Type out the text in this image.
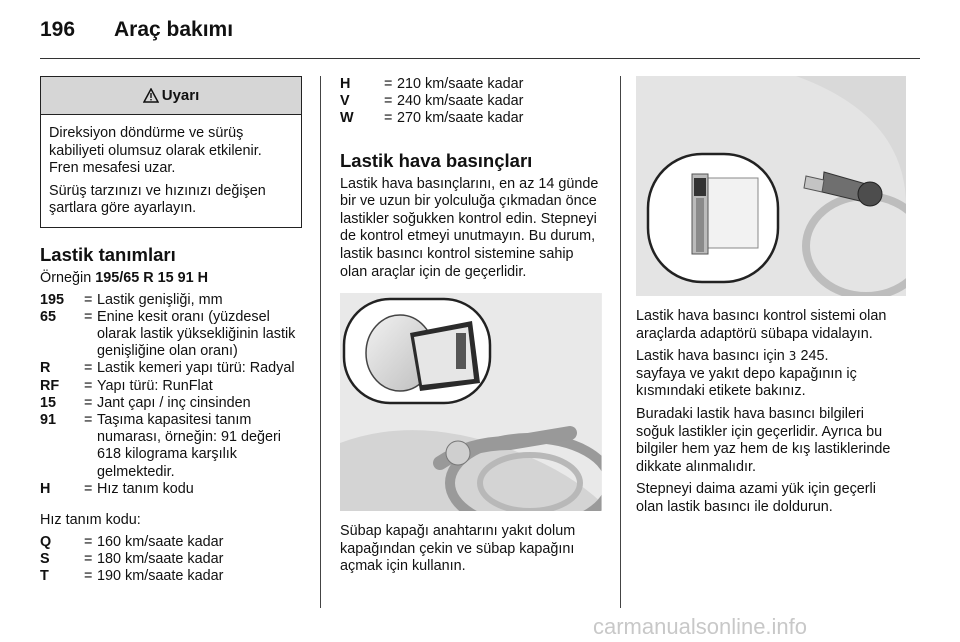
196	Araç bakımı
Uyarı

Direksiyon döndürme ve sürüş kabiliyeti olumsuz olarak etkilenir. Fren mesafesi uzar.

Sürüş tarzınızı ve hızınızı değişen şartlara göre ayarlayın.

Lastik tanımları
Örneğin 195/65 R 15 91 H
195	= Lastik genişliği, mm
65	= Enine kesit oranı (yüzdesel olarak lastik yüksekliğinin lastik genişliğine olan oranı)
R	= Lastik kemeri yapı türü: Radyal
RF	= Yapı türü: RunFlat
15	= Jant çapı / inç cinsinden
91	= Taşıma kapasitesi tanım numarası, örneğin: 91 değeri 618 kilograma karşılık gelmektedir.
H	= Hız tanım kodu

Hız tanım kodu:

Q	= 160 km/saate kadar
S	= 180 km/saate kadar
T	= 190 km/saate kadar
H	= 210 km/saate kadar
V	= 240 km/saate kadar
W	= 270 km/saate kadar
Lastik hava basınçları

Lastik hava basınçlarını, en az 14 günde bir ve uzun bir yolculuğa çıkmadan önce lastikler soğukken kontrol edin. Stepneyi de kontrol etmeyi unutmayın. Bu durum, lastik basıncı kontrol sistemine sahip olan araçlar için de geçerlidir.

Sübap kapağı anahtarını yakıt dolum kapağından çekin ve sübap kapağını açmak için kullanın.

Lastik hava basıncı kontrol sistemi olan araçlarda adaptörü sübapa vidalayın.

Lastik hava basıncı için 3 245.
sayfaya ve yakıt depo kapağının iç kısmındaki etikete bakınız.

Buradaki lastik hava basıncı bilgileri soğuk lastikler için geçerlidir. Ayrıca bu bilgiler hem yaz hem de kış lastiklerinde dikkate alınmalıdır.

Stepneyi daima azami yük için geçerli olan lastik basıncı ile doldurun.

carmanualsonline.info
